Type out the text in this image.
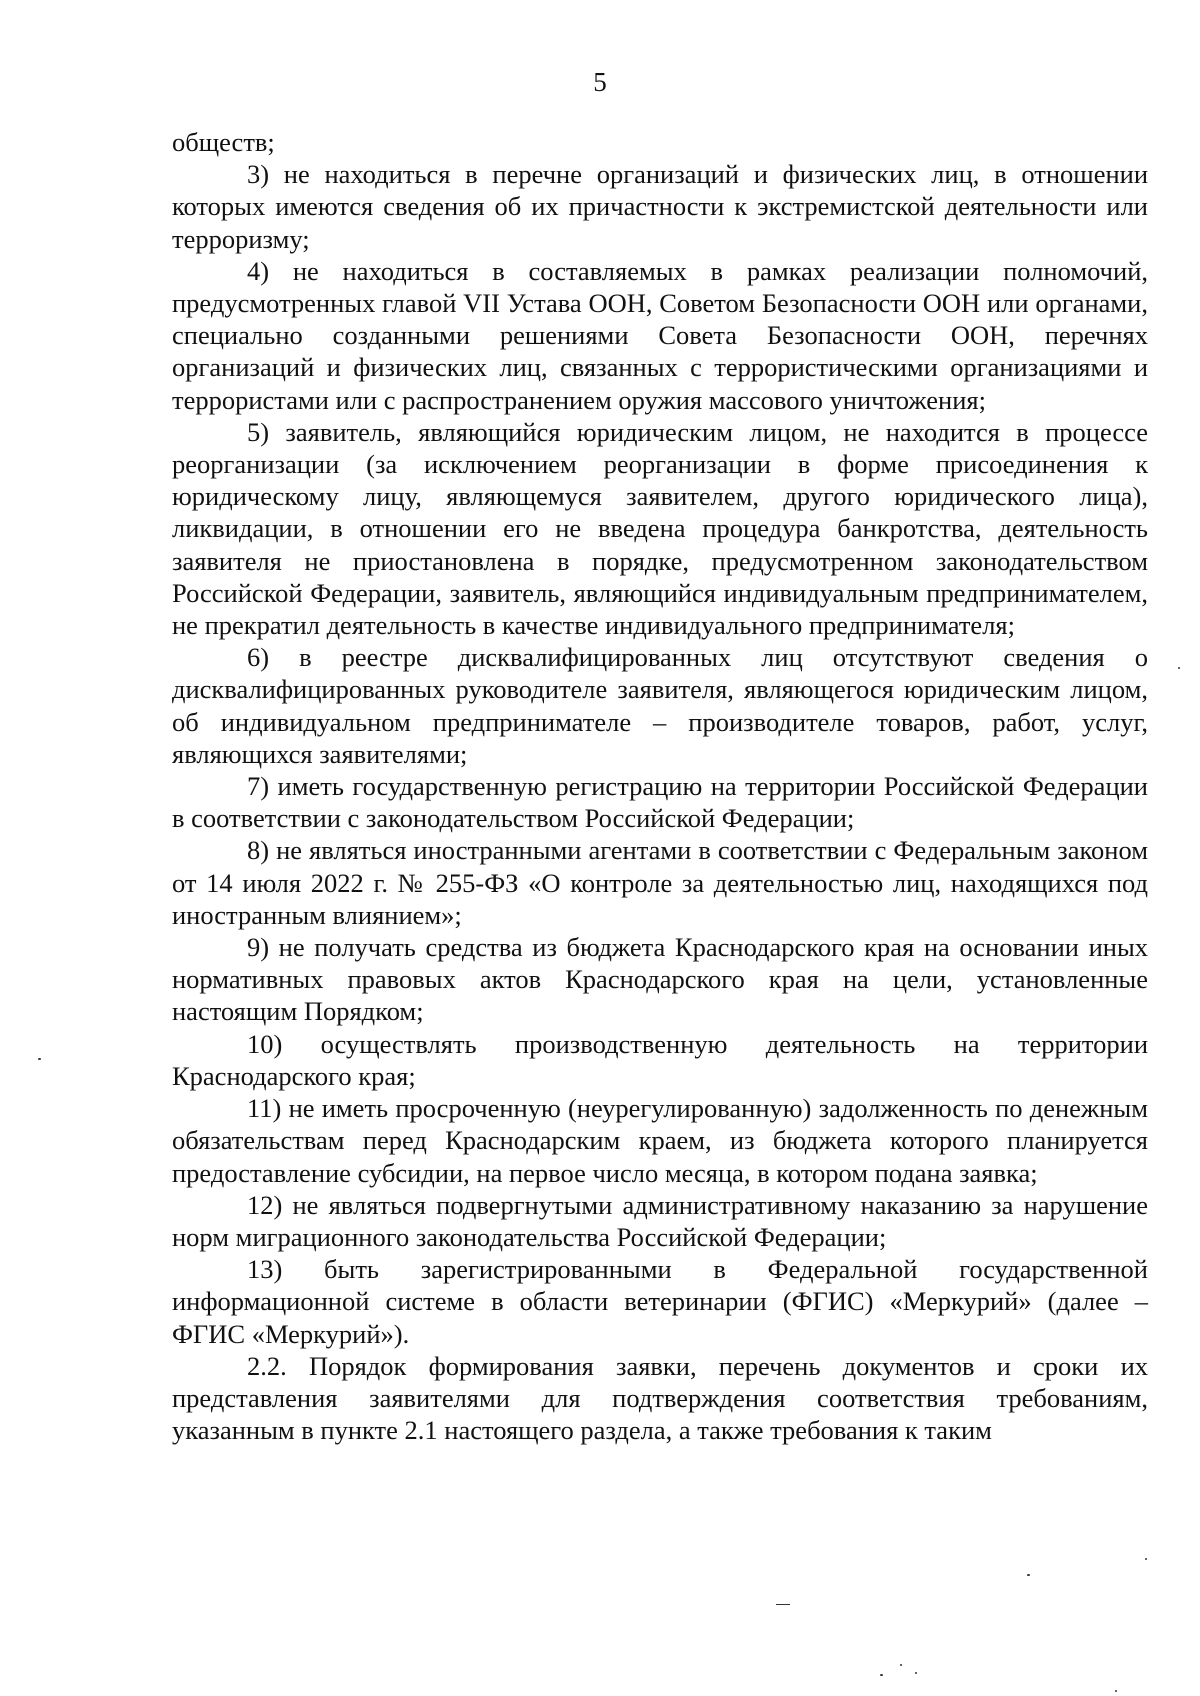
5

обществ;

3) не находиться в перечне организаций и физических лиц, в отношении которых имеются сведения об их причастности к экстремистской деятельности или терроризму;

4) не находиться в составляемых в рамках реализации полномочий, предусмотренных главой VII Устава ООН, Советом Безопасности ООН или органами, специально созданными решениями Совета Безопасности ООН, перечнях организаций и физических лиц, связанных с террористическими организациями и террористами или с распространением оружия массового уничтожения;

5) заявитель, являющийся юридическим лицом, не находится в процессе реорганизации (за исключением реорганизации в форме присоединения к юридическому лицу, являющемуся заявителем, другого юридического лица), ликвидации, в отношении его не введена процедура банкротства, деятельность заявителя не приостановлена в порядке, предусмотренном законодательством Российской Федерации, заявитель, являющийся индивидуальным предпринимателем, не прекратил деятельность в качестве индивидуального предпринимателя;

6) в реестре дисквалифицированных лиц отсутствуют сведения о дисквалифицированных руководителе заявителя, являющегося юридическим лицом, об индивидуальном предпринимателе – производителе товаров, работ, услуг, являющихся заявителями;

7) иметь государственную регистрацию на территории Российской Федерации в соответствии с законодательством Российской Федерации;

8) не являться иностранными агентами в соответствии с Федеральным законом от 14 июля 2022 г. № 255-ФЗ «О контроле за деятельностью лиц, находящихся под иностранным влиянием»;

9) не получать средства из бюджета Краснодарского края на основании иных нормативных правовых актов Краснодарского края на цели, установленные настоящим Порядком;

10) осуществлять производственную деятельность на территории Краснодарского края;

11) не иметь просроченную (неурегулированную) задолженность по денежным обязательствам перед Краснодарским краем, из бюджета которого планируется предоставление субсидии, на первое число месяца, в котором подана заявка;

12) не являться подвергнутыми административному наказанию за нарушение норм миграционного законодательства Российской Федерации;

13) быть зарегистрированными в Федеральной государственной информационной системе в области ветеринарии (ФГИС) «Меркурий» (далее – ФГИС «Меркурий»).

2.2. Порядок формирования заявки, перечень документов и сроки их представления заявителями для подтверждения соответствия требованиям, указанным в пункте 2.1 настоящего раздела, а также требования к таким
